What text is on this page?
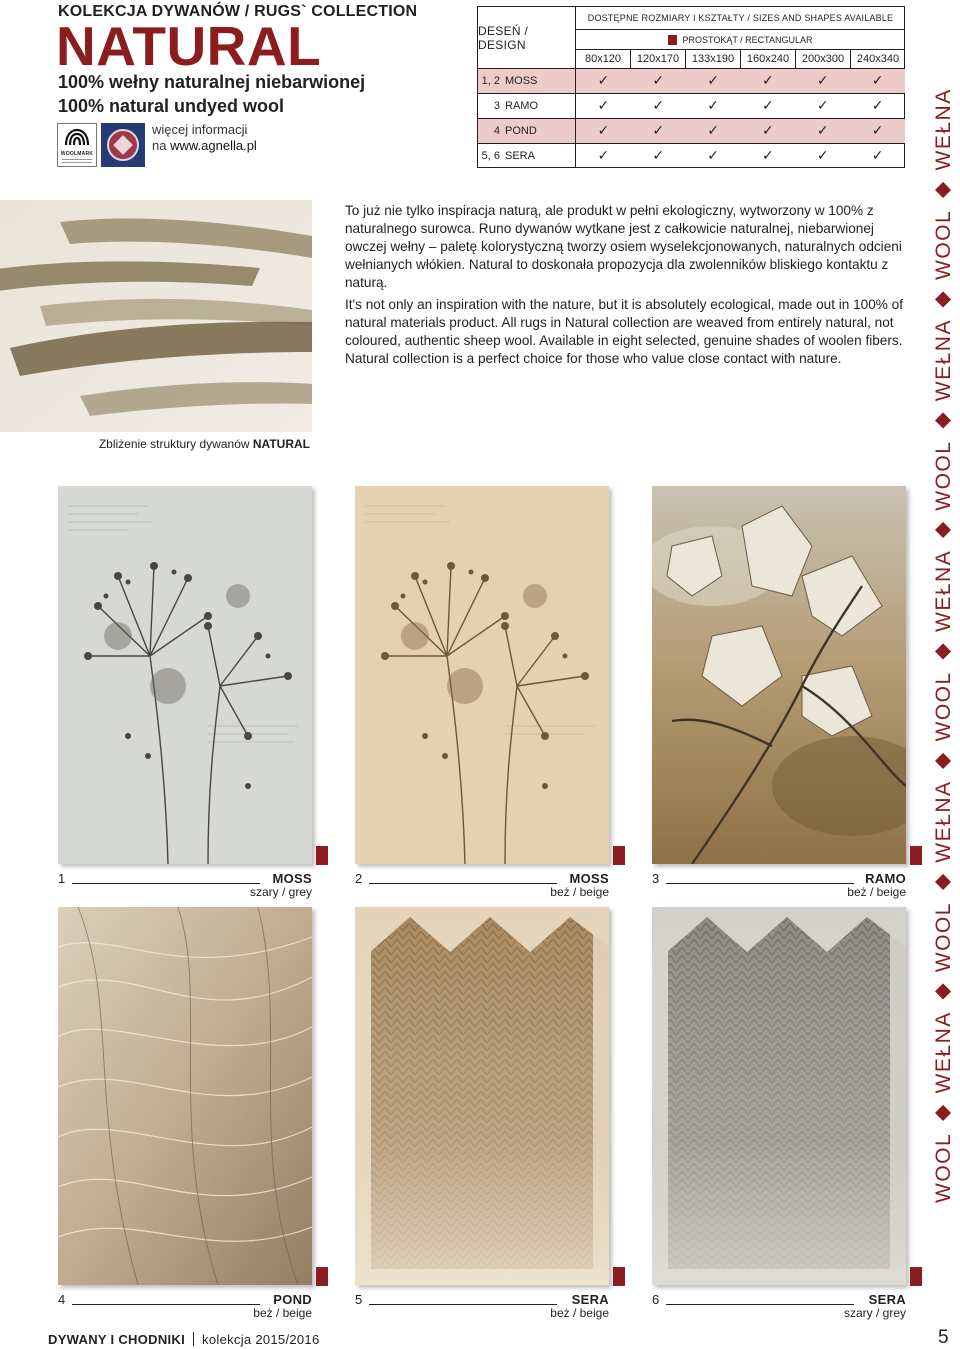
KOLEKCJA DYWANÓW / RUGS` COLLECTION
NATURAL
100% wełny naturalnej niebarwionej
100% natural undyed wool
WOOLMARK
więcej informacji
na www.agnella.pl
DESEŃ / DESIGN
DOSTĘPNE ROZMIARY I KSZTAŁTY / SIZES AND SHAPES AVAILABLE
PROSTOKĄT / RECTANGULAR
80x120	120x170	133x190	160x240	200x300	240x340
1, 2 MOSS	✓	✓	✓	✓	✓	✓
3 RAMO	✓	✓	✓	✓	✓	✓
4 POND	✓	✓	✓	✓	✓	✓
5, 6 SERA	✓	✓	✓	✓	✓	✓

To już nie tylko inspiracja naturą, ale produkt w pełni ekologiczny, wytworzony w 100% z naturalnego surowca. Runo dywanów wytkane jest z całkowicie naturalnej, niebarwionej owczej wełny – paletę kolorystyczną tworzy osiem wyselekcjonowanych, naturalnych odcieni wełnianych włókien. Natural to doskonała propozycja dla zwolenników bliskiego kontaktu z naturą.

It's not only an inspiration with the nature, but it is absolutely ecological, made out in 100% of natural materials product. All rugs in Natural collection are weaved from entirely natural, not coloured, authentic sheep wool. Available in eight selected, genuine shades of woolen fibers. Natural collection is a perfect choice for those who value close contact with nature.

Zbliżenie struktury dywanów NATURAL
1	MOSS
szary / grey
2	MOSS
beż / beige
3	RAMO
beż / beige
4	POND
beż / beige
5	SERA
beż / beige
6	SERA
szary / grey
WOOL ◆ WEŁNA ◆ WOOL ◆ WEŁNA ◆ WOOL ◆ WEŁNA ◆ WOOL ◆ WEŁNA ◆ WOOL ◆ WEŁNA
DYWANY I CHODNIKI kolekcja 2015/2016	5
